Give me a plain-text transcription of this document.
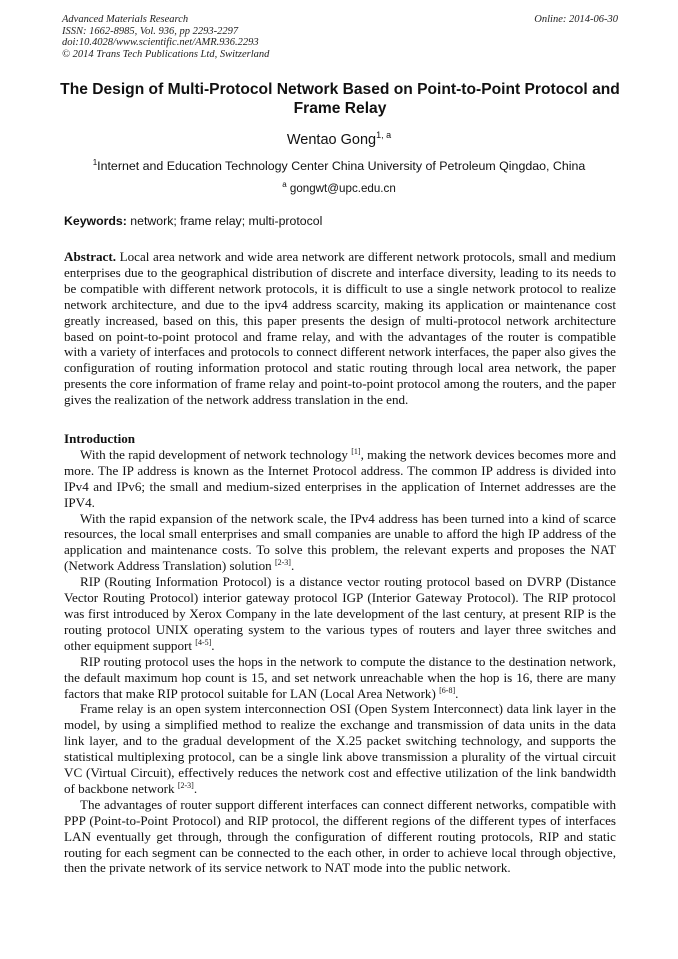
Advanced Materials Research
ISSN: 1662-8985, Vol. 936, pp 2293-2297
doi:10.4028/www.scientific.net/AMR.936.2293
© 2014 Trans Tech Publications Ltd, Switzerland
Online: 2014-06-30
The Design of Multi-Protocol Network Based on Point-to-Point Protocol and Frame Relay
Wentao Gong$^{1, a}$
$^1$Internet and Education Technology Center China University of Petroleum Qingdao, China
$^a$ gongwt@upc.edu.cn
Keywords: network; frame relay; multi-protocol
Abstract. Local area network and wide area network are different network protocols, small and medium enterprises due to the geographical distribution of discrete and interface diversity, leading to its needs to be compatible with different network protocols, it is difficult to use a single network protocol to realize network architecture, and due to the ipv4 address scarcity, making its application or maintenance cost greatly increased, based on this, this paper presents the design of multi-protocol network architecture based on point-to-point protocol and frame relay, and with the advantages of the router is compatible with a variety of interfaces and protocols to connect different network interfaces, the paper also gives the configuration of routing information protocol and static routing through local area network, the paper presents the core information of frame relay and point-to-point protocol among the routers, and the paper gives the realization of the network address translation in the end.
Introduction

With the rapid development of network technology [1], making the network devices becomes more and more. The IP address is known as the Internet Protocol address. The common IP address is divided into IPv4 and IPv6; the small and medium-sized enterprises in the application of Internet addresses are the IPV4.

With the rapid expansion of the network scale, the IPv4 address has been turned into a kind of scarce resources, the local small enterprises and small companies are unable to afford the high IP address of the application and maintenance costs. To solve this problem, the relevant experts and proposes the NAT (Network Address Translation) solution [2-3].

RIP (Routing Information Protocol) is a distance vector routing protocol based on DVRP (Distance Vector Routing Protocol) interior gateway protocol IGP (Interior Gateway Protocol). The RIP protocol was first introduced by Xerox Company in the late development of the last century, at present RIP is the routing protocol UNIX operating system to the various types of routers and layer three switches and other equipment support [4-5].

RIP routing protocol uses the hops in the network to compute the distance to the destination network, the default maximum hop count is 15, and set network unreachable when the hop is 16, there are many factors that make RIP protocol suitable for LAN (Local Area Network) [6-8].

Frame relay is an open system interconnection OSI (Open System Interconnect) data link layer in the model, by using a simplified method to realize the exchange and transmission of data units in the data link layer, and to the gradual development of the X.25 packet switching technology, and supports the statistical multiplexing protocol, can be a single link above transmission a plurality of the virtual circuit VC (Virtual Circuit), effectively reduces the network cost and effective utilization of the link bandwidth of backbone network [2-3].

The advantages of router support different interfaces can connect different networks, compatible with PPP (Point-to-Point Protocol) and RIP protocol, the different regions of the different types of interfaces LAN eventually get through, through the configuration of different routing protocols, RIP and static routing for each segment can be connected to the each other, in order to achieve local through objective, then the private network of its service network to NAT mode into the public network.
